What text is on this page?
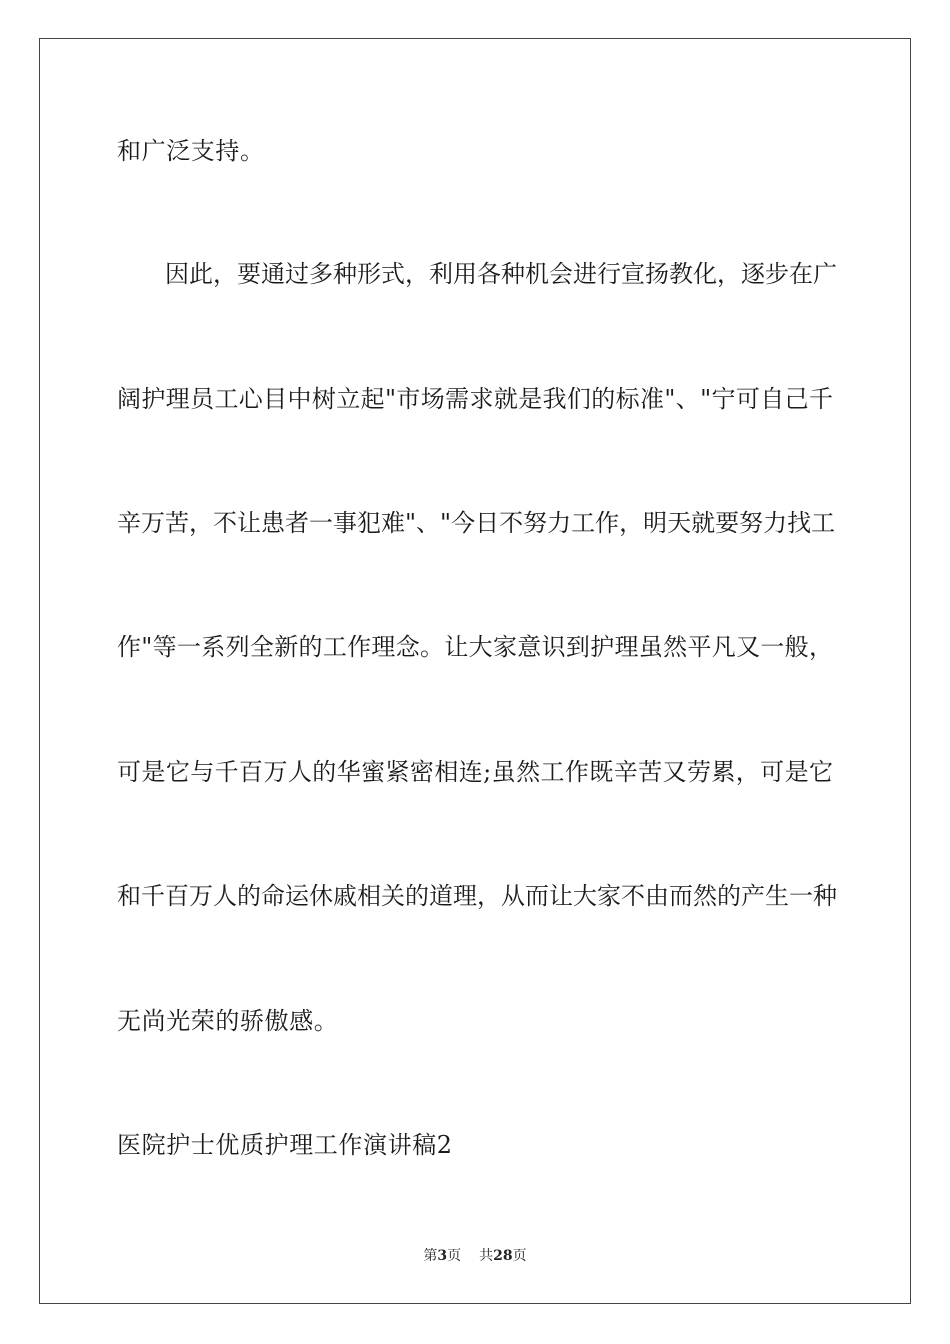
和广泛支持。
因此，要通过多种形式，利用各种机会进行宣扬教化，逐步在广
阔护理员工心目中树立起"市场需求就是我们的标准"、"宁可自己千
辛万苦，不让患者一事犯难"、"今日不努力工作，明天就要努力找工
作"等一系列全新的工作理念。让大家意识到护理虽然平凡又一般，
可是它与千百万人的华蜜紧密相连;虽然工作既辛苦又劳累，可是它
和千百万人的命运休戚相关的道理，从而让大家不由而然的产生一种
无尚光荣的骄傲感。
医院护士优质护理工作演讲稿2
第3页 共28页
